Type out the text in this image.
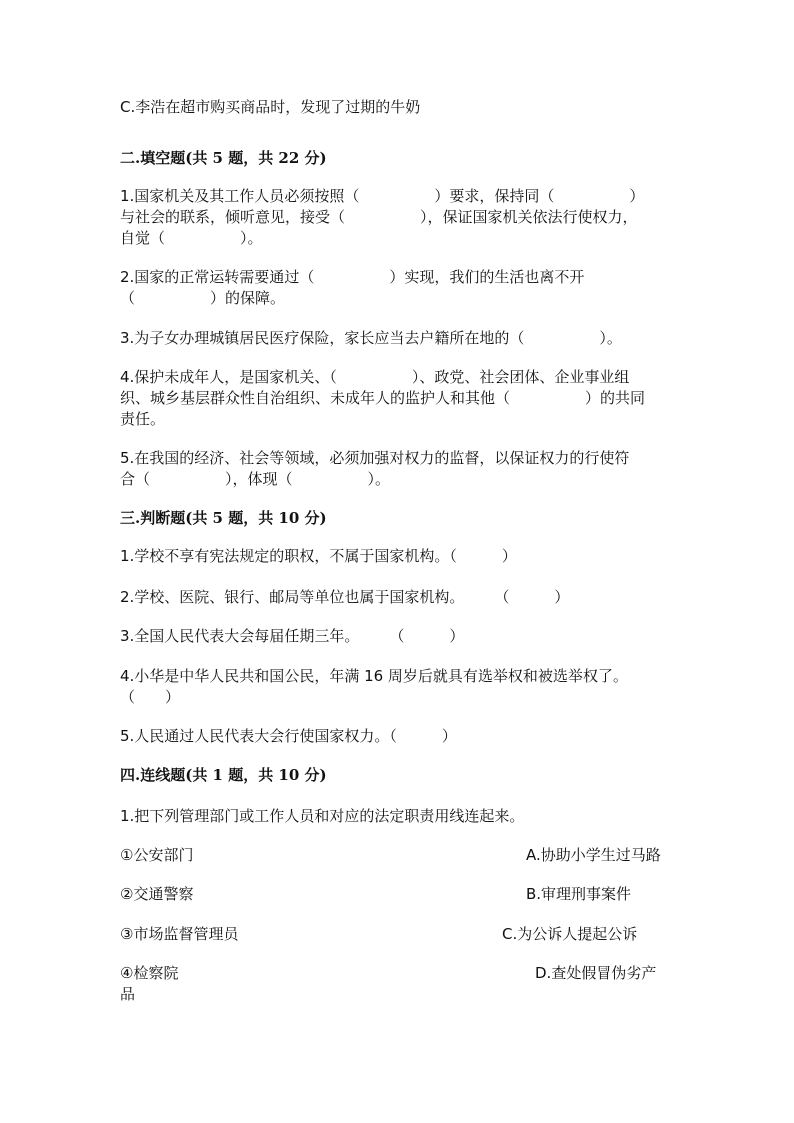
C.李浩在超市购买商品时，发现了过期的牛奶
二.填空题(共 5 题，共 22 分)
1.国家机关及其工作人员必须按照（　　　　　）要求，保持同（　　　　　）
与社会的联系，倾听意见，接受（　　　　　），保证国家机关依法行使权力，
自觉（　　　　　）。
2.国家的正常运转需要通过（　　　　　）实现，我们的生活也离不开
（　　　　　）的保障。
3.为子女办理城镇居民医疗保险，家长应当去户籍所在地的（　　　　　）。
4.保护未成年人，是国家机关、（　　　　　）、政党、社会团体、企业事业组
织、城乡基层群众性自治组织、未成年人的监护人和其他（　　　　　）的共同
责任。
5.在我国的经济、社会等领域，必须加强对权力的监督，以保证权力的行使符
合（　　　　　），体现（　　　　　）。
三.判断题(共 5 题，共 10 分)
1.学校不享有宪法规定的职权，不属于国家机构。（　　　）
2.学校、医院、银行、邮局等单位也属于国家机构。　　　（　　　）
3.全国人民代表大会每届任期三年。　　　（　　　）
4.小华是中华人民共和国公民，年满 16 周岁后就具有选举权和被选举权了。
（　　）
5.人民通过人民代表大会行使国家权力。（　　　）
四.连线题(共 1 题，共 10 分)
1.把下列管理部门或工作人员和对应的法定职责用线连起来。
①公安部门	A.协助小学生过马路
②交通警察	B.审理刑事案件
③市场监督管理员	C.为公诉人提起公诉
④检察院	D.查处假冒伪劣产
品
